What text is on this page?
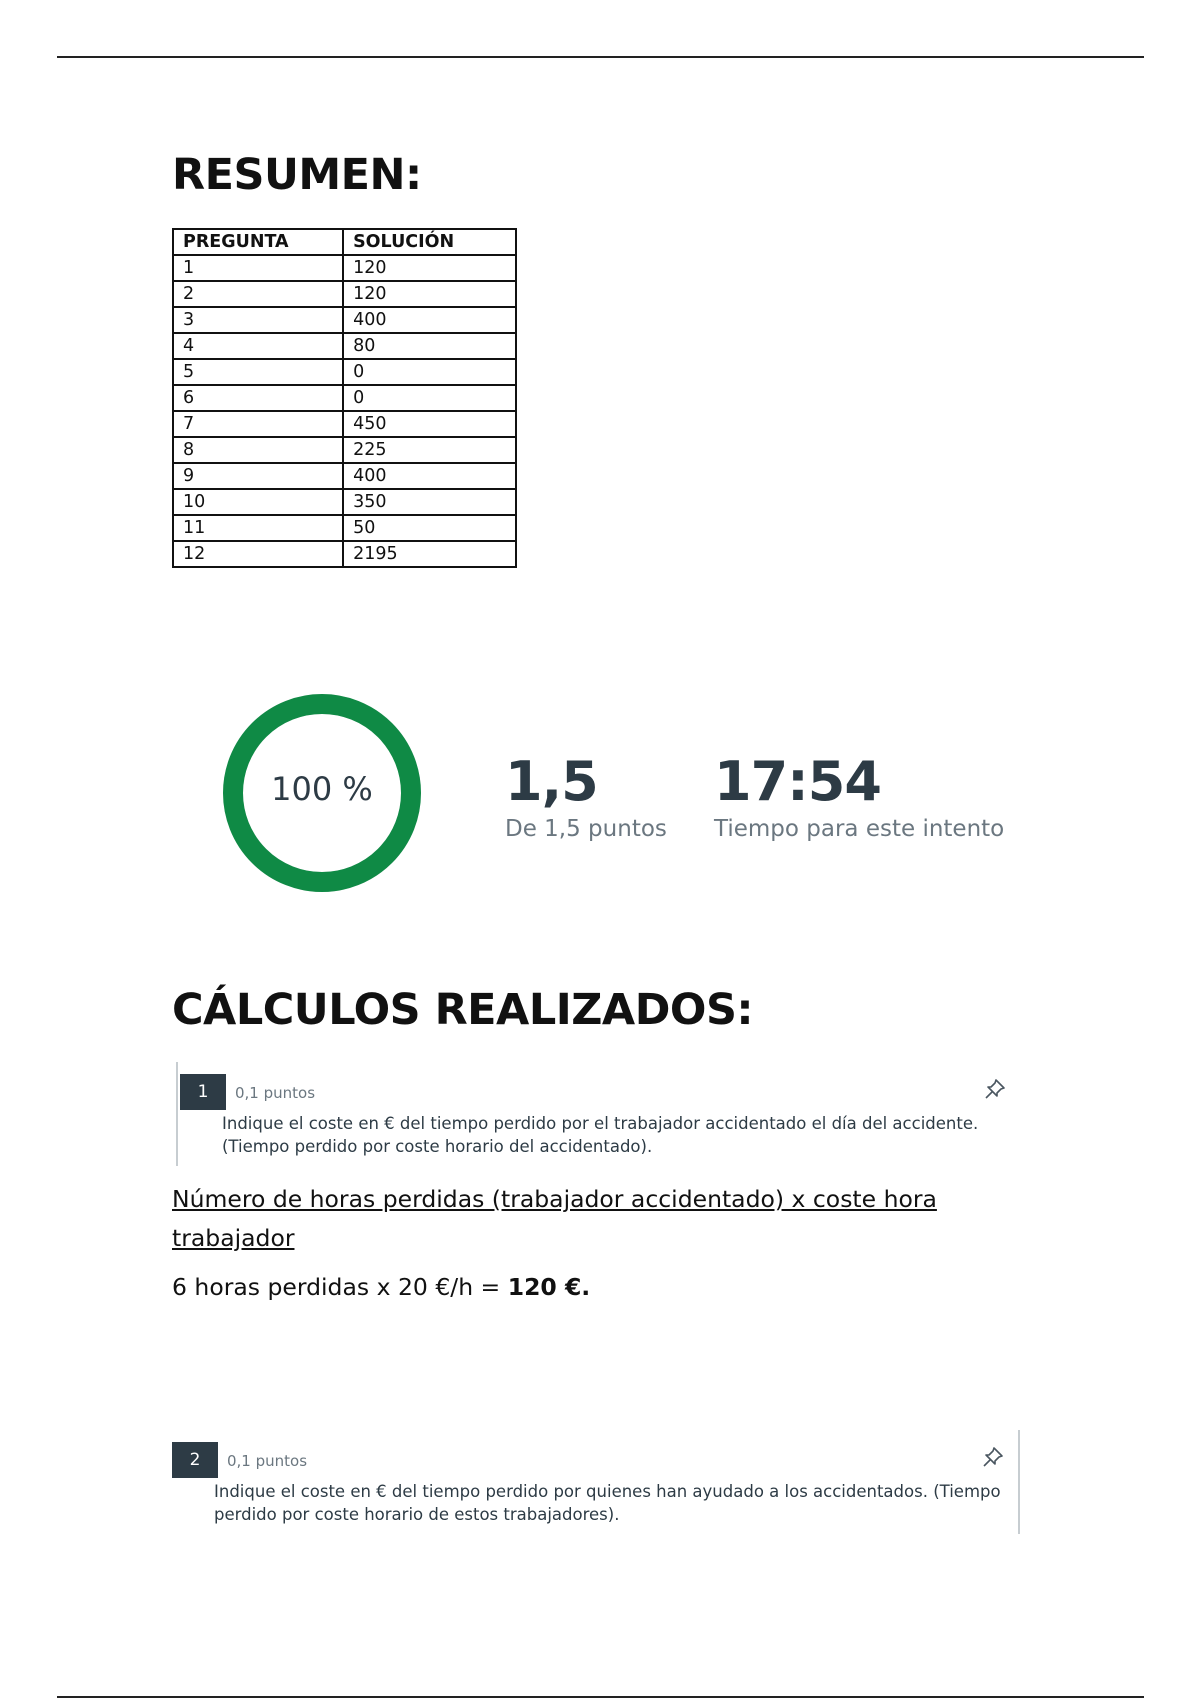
RESUMEN:
PREGUNTA	SOLUCIÓN
1	120
2	120
3	400
4	80
5	0
6	0
7	450
8	225
9	400
10	350
11	50
12	2195
100 %	1,5
De 1,5 puntos
17:54
Tiempo para este intento
CÁLCULOS REALIZADOS:
1	0,1 puntos
Indique el coste en € del tiempo perdido por el trabajador accidentado el día del accidente. (Tiempo perdido por coste horario del accidentado).
Número de horas perdidas (trabajador accidentado) x coste hora trabajador
6 horas perdidas x 20 €/h = 120 €.
2	0,1 puntos
Indique el coste en € del tiempo perdido por quienes han ayudado a los accidentados. (Tiempo perdido por coste horario de estos trabajadores).
